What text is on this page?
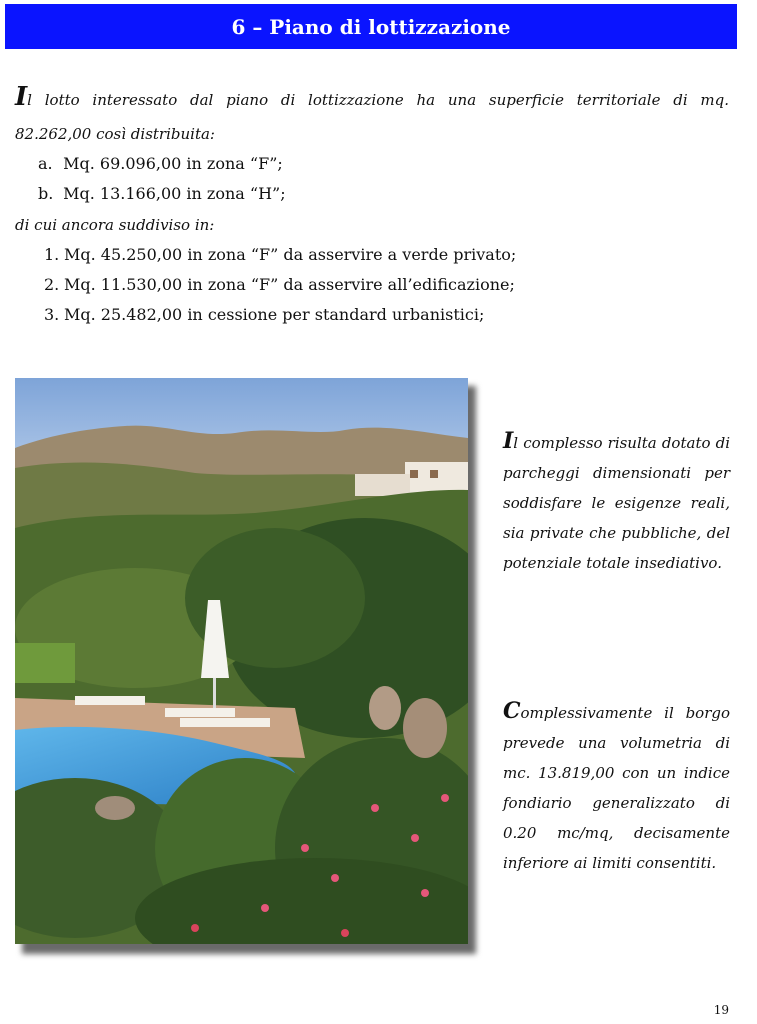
6 – Piano di lottizzazione
Il lotto interessato dal piano di lottizzazione ha una superficie territoriale di mq.
82.262,00 così distribuita:
a. Mq. 69.096,00 in zona “F”;
b. Mq. 13.166,00 in zona “H”;
di cui ancora suddiviso in:
1. Mq. 45.250,00 in zona “F” da asservire a verde privato;
2. Mq. 11.530,00 in zona “F” da asservire all’edificazione;
3. Mq. 25.482,00 in cessione per standard urbanistici;
Il complesso risulta dotato di parcheggi dimensionati per soddisfare le esigenze reali, sia private che pubbliche, del potenziale totale insediativo.
Complessivamente il borgo prevede una volumetria di mc. 13.819,00 con un indice fondiario generalizzato di 0.20 mc/mq, decisamente inferiore ai limiti consentiti.
19
